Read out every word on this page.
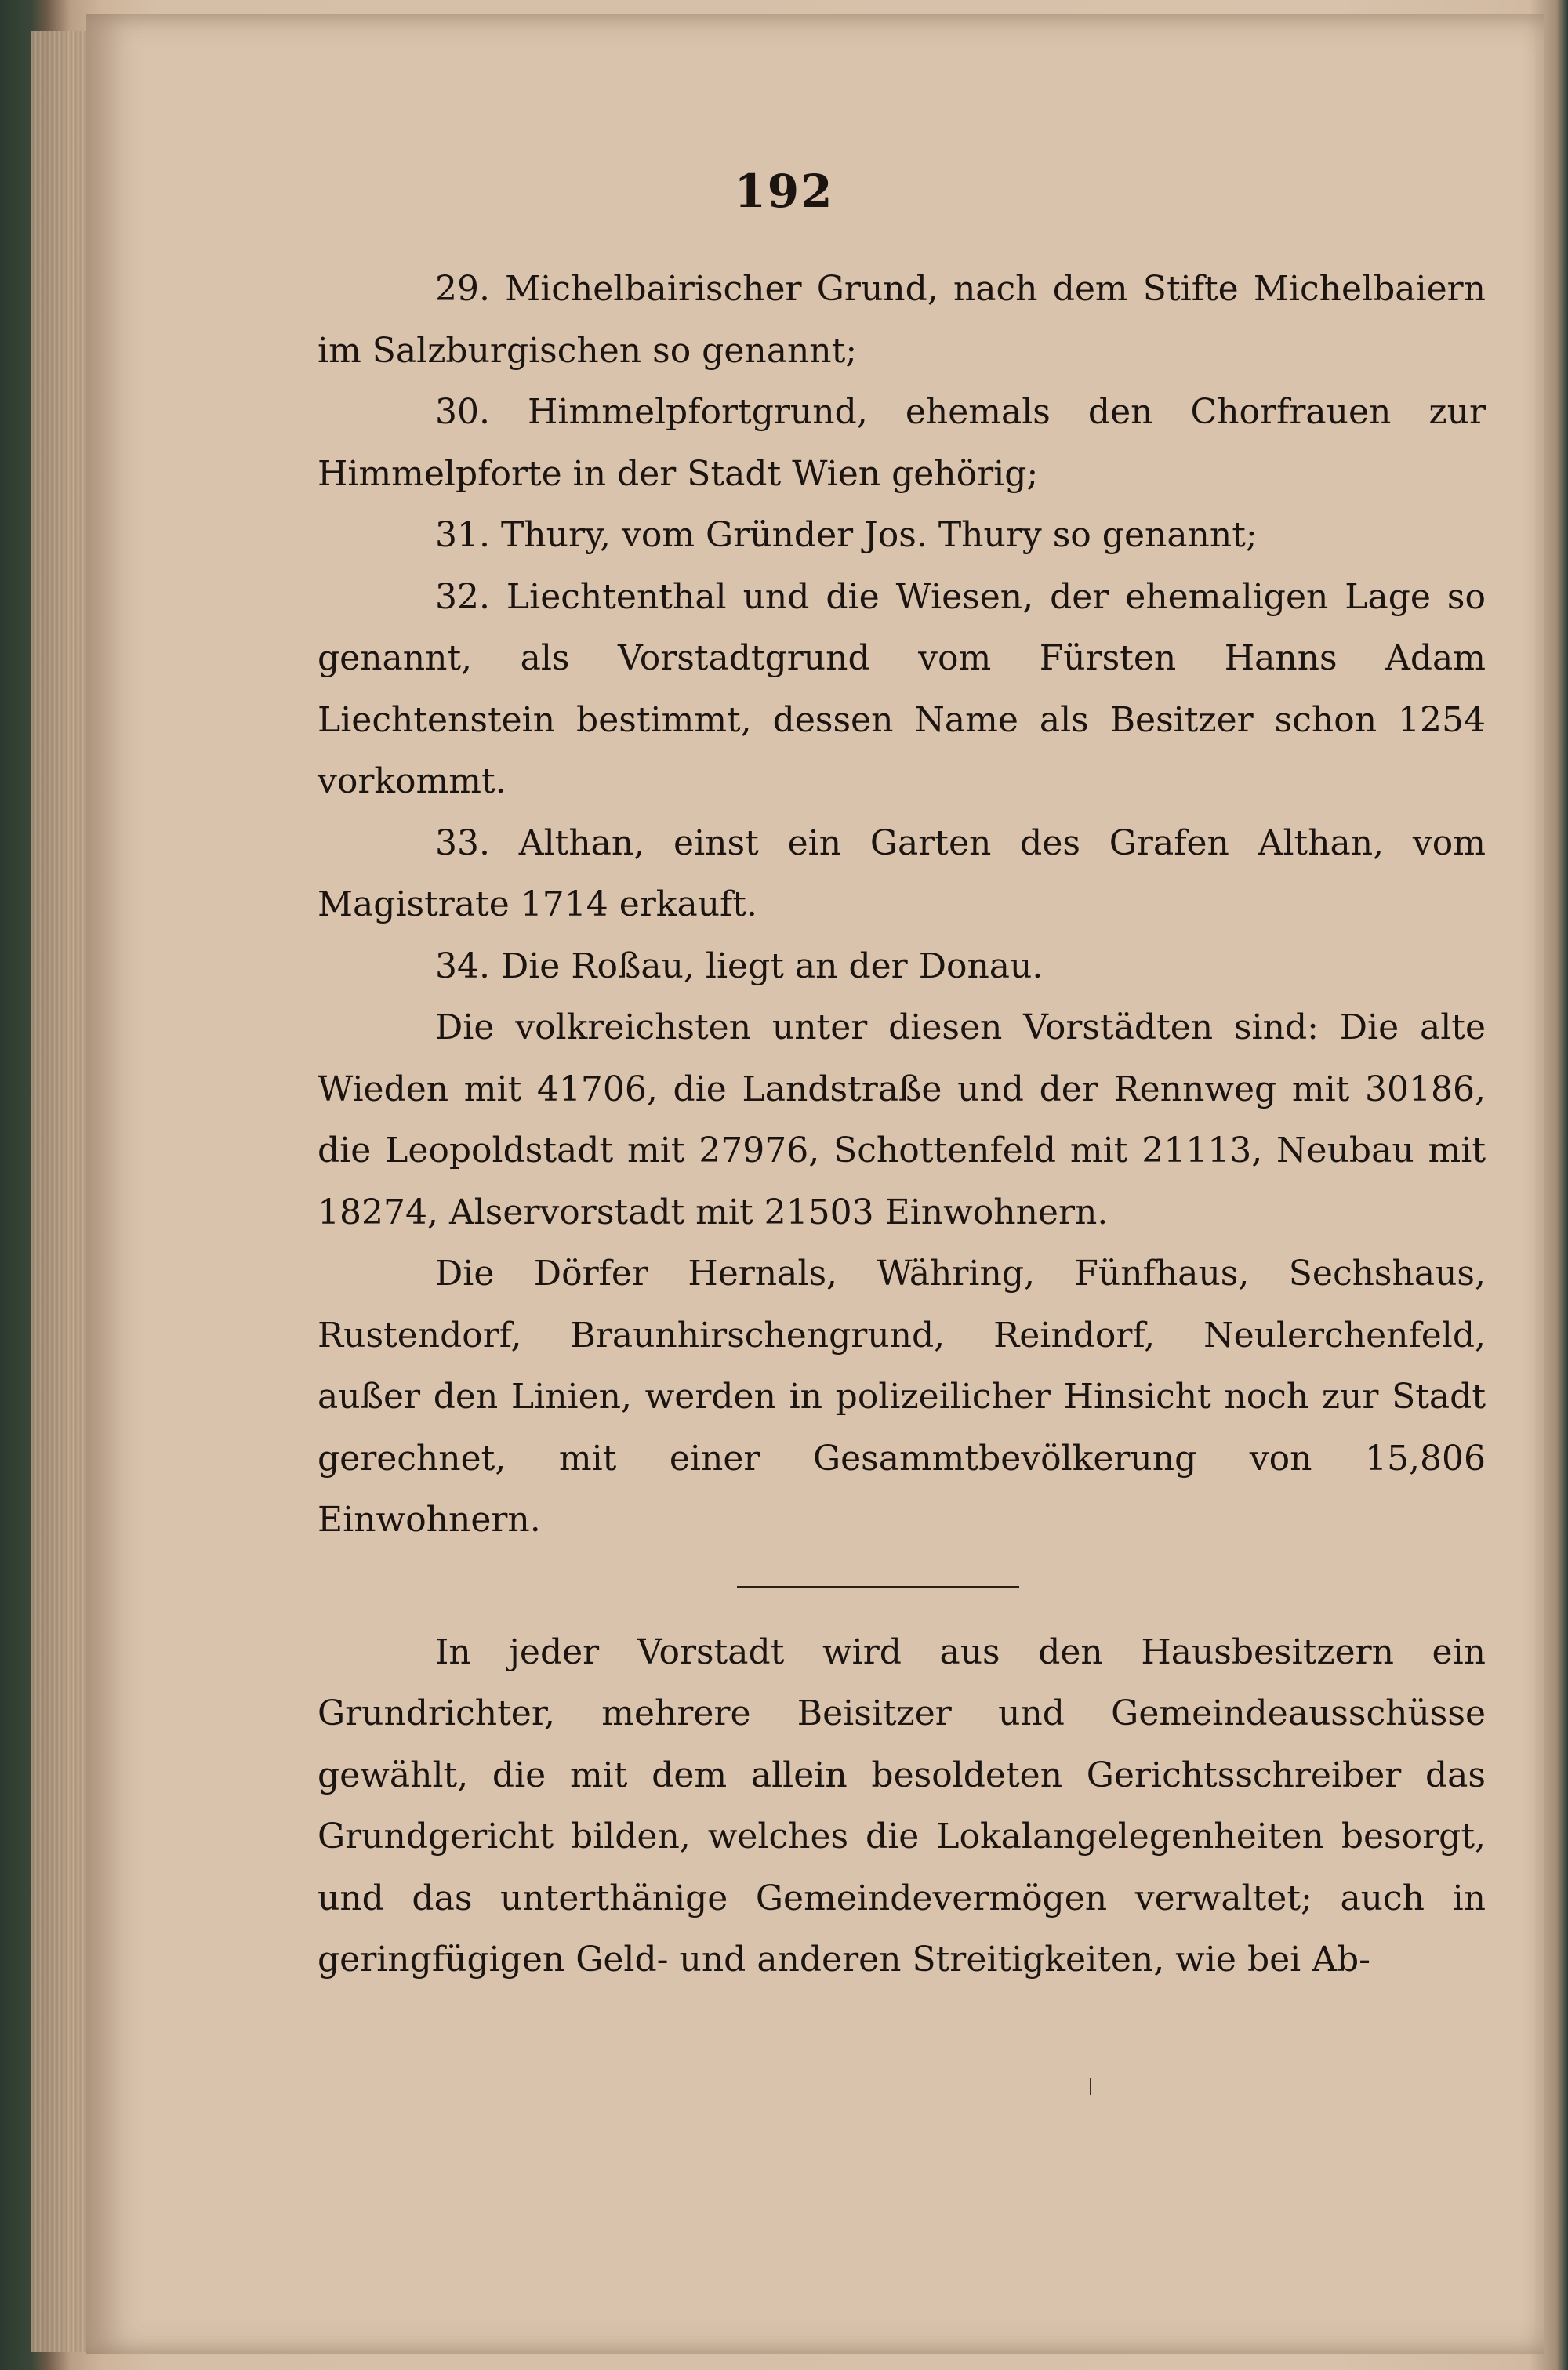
192

29. Michelbairischer Grund, nach dem Stifte Michelbaiern im Salzburgischen so genannt;

30. Himmelpfortgrund, ehemals den Chorfrauen zur Himmelpforte in der Stadt Wien gehörig;

31. Thury, vom Gründer Jos. Thury so genannt;

32. Liechtenthal und die Wiesen, der ehemaligen Lage so genannt, als Vorstadtgrund vom Fürsten Hanns Adam Liechtenstein bestimmt, dessen Name als Besitzer schon 1254 vorkommt.

33. Althan, einst ein Garten des Grafen Althan, vom Magistrate 1714 erkauft.

34. Die Roßau, liegt an der Donau.

Die volkreichsten unter diesen Vorstädten sind: Die alte Wieden mit 41706, die Landstraße und der Rennweg mit 30186, die Leopoldstadt mit 27976, Schottenfeld mit 21113, Neubau mit 18274, Alservorstadt mit 21503 Einwohnern.

Die Dörfer Hernals, Währing, Fünfhaus, Sechshaus, Rustendorf, Braunhirschengrund, Reindorf, Neulerchenfeld, außer den Linien, werden in polizeilicher Hinsicht noch zur Stadt gerechnet, mit einer Gesammtbevölkerung von 15,806 Einwohnern.

In jeder Vorstadt wird aus den Hausbesitzern ein Grundrichter, mehrere Beisitzer und Gemeindeausschüsse gewählt, die mit dem allein besoldeten Gerichtsschreiber das Grundgericht bilden, welches die Lokalangelegenheiten besorgt, und das unterthänige Gemeindevermögen verwaltet; auch in geringfügigen Geld- und anderen Streitigkeiten, wie bei Ab-
